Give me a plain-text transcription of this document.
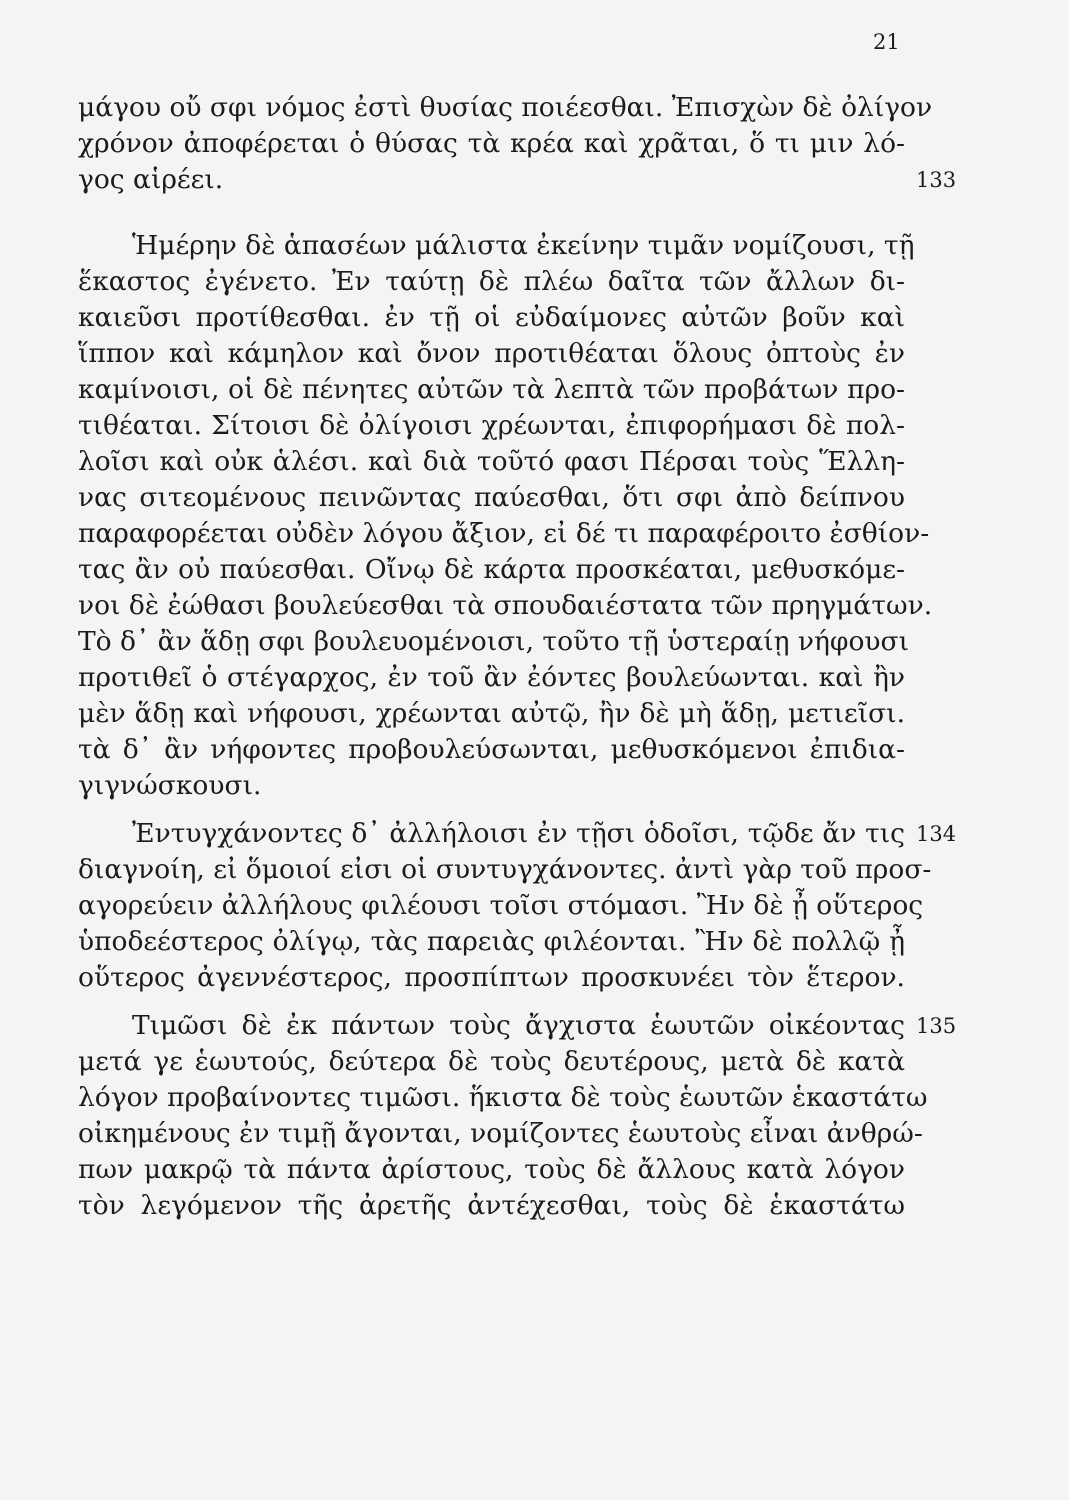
21
μάγου οὔ σφι νόμος ἐστὶ θυσίας ποιέεσθαι. Ἐπισχὼν δὲ ὀλίγον
χρόνον ἀποφέρεται ὁ θύσας τὰ κρέα καὶ χρᾶται, ὅ τι μιν λό-
γος αἱρέει.	133
Ἡμέρην δὲ ἁπασέων μάλιστα ἐκείνην τιμᾶν νομίζουσι, τῇ
ἕκαστος ἐγένετο. Ἐν ταύτῃ δὲ πλέω δαῖτα τῶν ἄλλων δι-
καιεῦσι προτίθεσθαι. ἐν τῇ οἱ εὐδαίμονες αὐτῶν βοῦν καὶ
ἵππον καὶ κάμηλον καὶ ὄνον προτιθέαται ὅλους ὀπτοὺς ἐν
καμίνοισι, οἱ δὲ πένητες αὐτῶν τὰ λεπτὰ τῶν προβάτων προ-
τιθέαται. Σίτοισι δὲ ὀλίγοισι χρέωνται, ἐπιφορήμασι δὲ πολ-
λοῖσι καὶ οὐκ ἁλέσι. καὶ διὰ τοῦτό φασι Πέρσαι τοὺς Ἕλλη-
νας σιτεομένους πεινῶντας παύεσθαι, ὅτι σφι ἀπὸ δείπνου
παραφορέεται οὐδὲν λόγου ἄξιον, εἰ δέ τι παραφέροιτο ἐσθίον-
τας ἂν οὐ παύεσθαι. Οἴνῳ δὲ κάρτα προσκέαται, μεθυσκόμε-
νοι δὲ ἐώθασι βουλεύεσθαι τὰ σπουδαιέστατα τῶν πρηγμάτων.
Τὸ δ᾽ ἂν ἅδῃ σφι βουλευομένοισι, τοῦτο τῇ ὑστεραίῃ νήφουσι
προτιθεῖ ὁ στέγαρχος, ἐν τοῦ ἂν ἐόντες βουλεύωνται. καὶ ἢν
μὲν ἅδῃ καὶ νήφουσι, χρέωνται αὐτῷ, ἢν δὲ μὴ ἅδῃ, μετιεῖσι.
τὰ δ᾽ ἂν νήφοντες προβουλεύσωνται, μεθυσκόμενοι ἐπιδια-
γιγνώσκουσι.
Ἐντυγχάνοντες δ᾽ ἀλλήλοισι ἐν τῇσι ὁδοῖσι, τῷδε ἄν τις 134
διαγνοίη, εἰ ὅμοιοί εἰσι οἱ συντυγχάνοντες. ἀντὶ γὰρ τοῦ προσ-
αγορεύειν ἀλλήλους φιλέουσι τοῖσι στόμασι. Ἢν δὲ ᾖ οὕτερος
ὑποδεέστερος ὀλίγῳ, τὰς παρειὰς φιλέονται. Ἢν δὲ πολλῷ ᾖ
οὕτερος ἀγεννέστερος, προσπίπτων προσκυνέει τὸν ἕτερον.
Τιμῶσι δὲ ἐκ πάντων τοὺς ἄγχιστα ἑωυτῶν οἰκέοντας 135
μετά γε ἑωυτούς, δεύτερα δὲ τοὺς δευτέρους, μετὰ δὲ κατὰ
λόγον προβαίνοντες τιμῶσι. ἥκιστα δὲ τοὺς ἑωυτῶν ἑκαστάτω
οἰκημένους ἐν τιμῇ ἄγονται, νομίζοντες ἑωυτοὺς εἶναι ἀνθρώ-
πων μακρῷ τὰ πάντα ἀρίστους, τοὺς δὲ ἄλλους κατὰ λόγον
τὸν λεγόμενον τῆς ἀρετῆς ἀντέχεσθαι, τοὺς δὲ ἑκαστάτω
